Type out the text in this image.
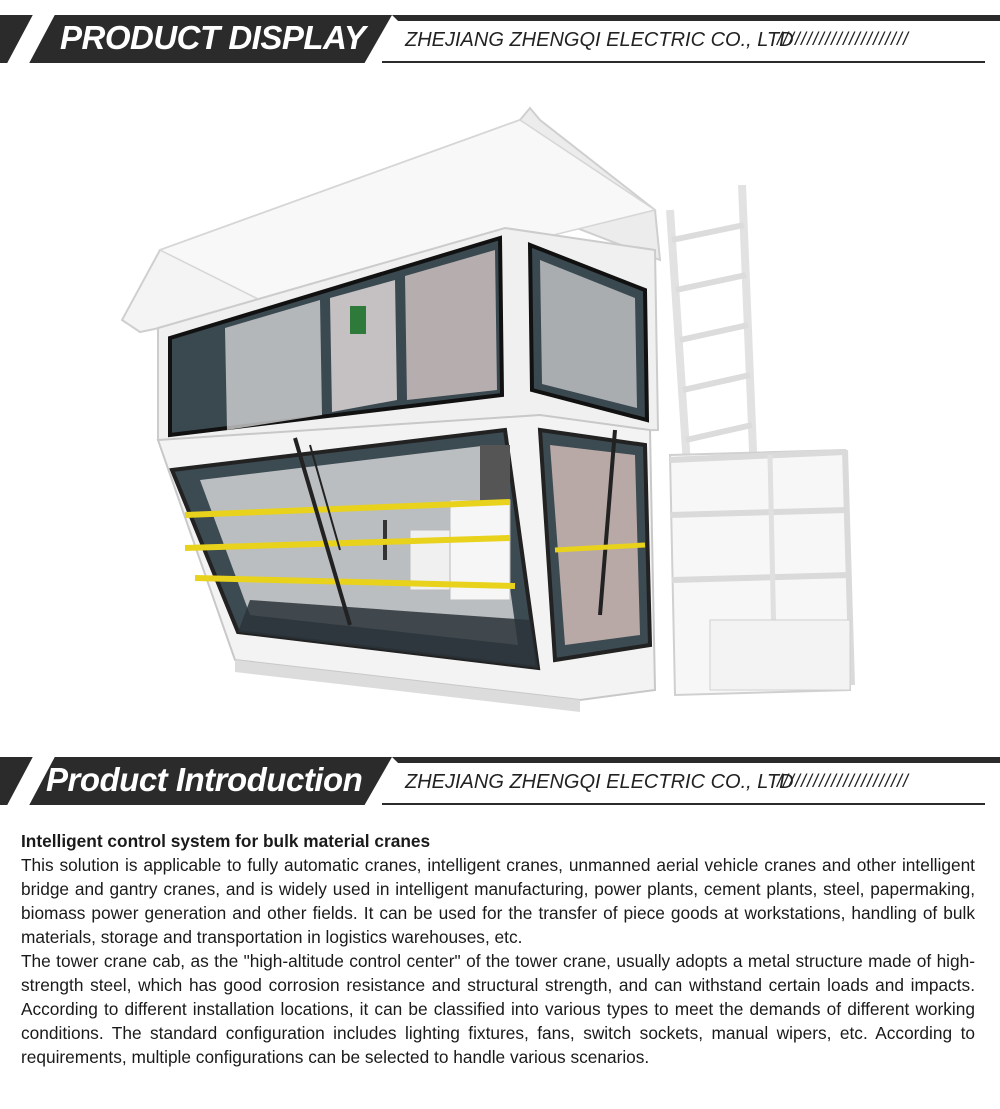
PRODUCT DISPLAY ZHEJIANG ZHENGQI ELECTRIC CO., LTD
//////////////////////
Product Introduction ZHEJIANG ZHENGQI ELECTRIC CO., LTD
//////////////////////

Intelligent control system for bulk material cranes

This solution is applicable to fully automatic cranes, intelligent cranes, unmanned aerial vehicle cranes and other intelligent bridge and gantry cranes, and is widely used in intelligent manufacturing, power plants, cement plants, steel, papermaking, biomass power generation and other fields. It can be used for the transfer of piece goods at workstations, handling of bulk materials, storage and transportation in logistics warehouses, etc.

The tower crane cab, as the "high-altitude control center" of the tower crane, usually adopts a metal structure made of high-strength steel, which has good corrosion resistance and structural strength, and can withstand certain loads and impacts. According to different installation locations, it can be classified into various types to meet the demands of different working conditions. The standard configuration includes lighting fixtures, fans, switch sockets, manual wipers, etc. According to requirements, multiple configurations can be selected to handle various scenarios.
